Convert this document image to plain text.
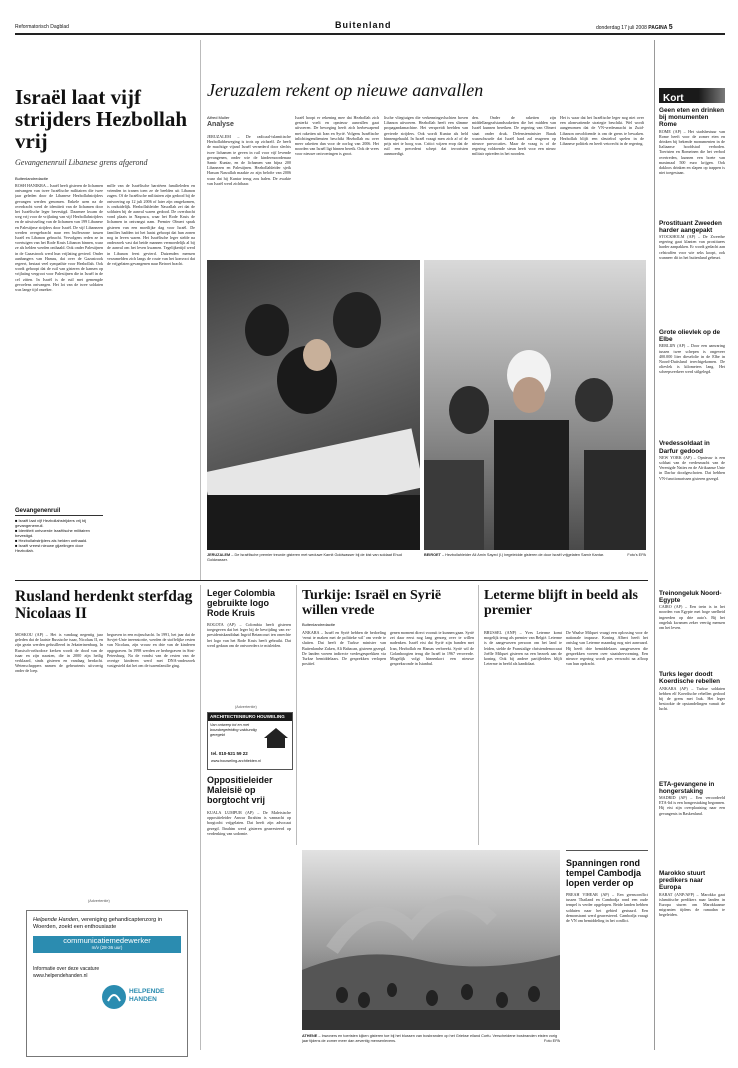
Reformatorisch Dagblad	Buitenland	donderdag 17 juli 2008 PAGINA 5
Israël laat vijf strijders Hezbollah vrij
Gevangenenruil Libanese grens afgerond
Buitenlandredactie
ROSH HANIKRA – Israël heeft gisteren de lichamen ontvangen van twee Israëlische militairen die twee jaar geleden door de Libanese Hezbollahstrijders gevangen werden genomen. Enkele uren na de overdracht werd de identiteit van de lichamen door het Israëlische leger bevestigd. Daarmee kwam de weg vrij voor de vrijlating van vijf Hezbollahstrijders en de uitwisseling van de lichamen van 199 Libanese en Palestijnse strijders door Israël. De vijf Libanezen werden overgebracht naar een bufferzone tussen Israël en Libanon gebracht. Vervolgens reden ze in voertuigen van het Rode Kruis Libanon binnen, waar ze als helden werden onthaald. Ook onder Palestijnen in de Gazastrook werd hun vrijlating gevierd. Onder aanhangers van Hamas, dat over de Gazastrook regeert, bestaat veel sympathie voor Hezbollah. Ook wordt gehoopt dat de ruil van gisteren de kansen op vrijlating vergroot voor Palestijnen die in Israël in de cel zitten. In Israël is de ruil met gemengde gevoelens ontvangen. Het lot van de twee soldaten was lange tijd onzeker.
mille van de Israëlische barrièren familieleden en vrienden in tranen toen ze de beelden uit Libanon zagen. Of de Israëlische militairen zijn gedood bij de ontvoering op 12 juli 2006 of later zijn omgekomen, is onduidelijk. Hezbollahleider Nasrallah zei dat de soldaten bij de aanval waren gedood. De overdracht vond plaats in Naqoura, waar het Rode Kruis de lichamen in ontvangst nam. Premier Olmert sprak gisteren van een moeilijke dag voor Israël. De families hadden tot het laatst gehoopt dat hun zonen nog in leven waren. Het Israëlische leger stelde na onderzoek vast dat beide mannen vermoedelijk al bij de aanval om het leven kwamen. Tegelijkertijd werd in Libanon feest gevierd. Duizenden mensen verzamelden zich langs de route van het konvooi dat de vrijgelaten gevangenen naar Beiroet bracht.
Gevangenenruil
■ Israël laat vijf Hezbollahstrijders vrij bij gevangenenruil.
■ Identiteit ontvoerde Israëlische militairen bevestigd.
■ Hezbollahstrijders als helden onthaald.
■ Israël vreest nieuwe gijzelingen door Hezbollah.
Jeruzalem rekent op nieuwe aanvallen
Alfred Muller
Analyse
JERUZALEM – De radicaal-islamitische Hezbollahbeweging is trots op zichzelf. Ze heeft de machtige vijand Israël vernederd door slechts twee lichamen te geven in ruil voor vijf levende gevangenen, onder wie de kindermoordenaar Samir Kuntar, en de lichamen van bijna 200 Libanezen en Palestijnen. Hezbollahleider sjeik Hassan Nasrallah maakte zo zijn belofte van 2006 waar dat hij Kuntar terug zou halen. De zwakte van Israël werd zichtbaar.
Israël hoopt er rekening mee dat Hezbollah zich gesterkt voelt en opnieuw aanvallen gaat uitvoeren. De beweging heeft zich herbewapend met raketten uit Iran en Syrië. Volgens Israëlische inlichtingendiensten beschikt Hezbollah nu over meer raketten dan voor de oorlog van 2006. Het noorden van Israël ligt binnen bereik. Ook de vrees voor nieuwe ontvoeringen is groot.
lische vliegtuigen die verkenningsvluchten boven Libanon uitvoeren. Hezbollah heeft een slimme propagandamachine. Het verspreidt beelden van gevierde strijders. Ook wordt Kuntar als held binnengehaald. In Israël vraagt men zich af of de prijs niet te hoog was. Critici wijzen erop dat de ruil een precedent schept dat terroristen aanmoedigt.
den. Onder de raketten zijn middellangeafstandsraketten die het midden van Israël kunnen bereiken. De regering van Olmert staat onder druk. Defensieminister Barak waarschuwde dat Israël hard zal reageren op nieuwe provocaties. Maar de vraag is of de regering voldoende steun heeft voor een nieuw militair optreden in het noorden.
Het is waar dat het Israëlische leger nog niet over een alomvattende strategie beschikt. Wel wordt aangenomen dat de VN-vredesmacht in Zuid-Libanon onvoldoende is om de grens te bewaken. Hezbollah blijft een sleutelrol spelen in de Libanese politiek en heeft vetorecht in de regering.
JERUZALEM – De Israëlische premier treurde gisteren met weduwe Karnit Goldwasser bij de kist van soldaat Ehud Goldwasser.
BEIROET – Hezbollahleider Ali Amin Sayed (l.) begeleidde gisteren de door Israël vrijgelaten Samir Kantar.	Foto's EPA
Kort
Geen eten en drinken bij monumenten Rome
ROME (AP) – Het stadsbestuur van Rome heeft voor de zomer eten en drinken bij bekende monumenten in de Italiaanse hoofdstad verboden. Toeristen en Romeinen die het verbod overtreden, kunnen een boete van maximaal 500 euro krijgen. Ook dakloos drinken en slapen op trappen is niet toegestaan.
Prostituant Zweeden harder aangepakt
STOCKHOLM (AP) – De Zweedse regering gaat klanten van prostituees harder aanpakken. Er wordt gedacht aan celstraffen voor wie seks koopt, ook wanneer dit in het buitenland gebeurt.
Grote olievlek op de Elbe
BERLIJN (AP) – Door een aanvaring tussen twee schepen is ongeveer 400.000 liter dieselolie in de Elbe in Noord-Duitsland terechtgekomen. De olievlek is kilometers lang. Het scheepsverkeer werd stilgelegd.
Vredessoldaat in Darfur gedood
NEW YORK (AP) – Opnieuw is een soldaat van de vredesmacht van de Verenigde Naties en de Afrikaanse Unie in Darfur doodgeschoten. Dat hebben VN-functionarissen gisteren gezegd.
Treinongeluk Noord-Egypte
CAIRO (AP) – Een trein is in het noorden van Egypte met hoge snelheid ingereden op drie auto's. Bij het ongeluk kwamen zeker veertig mensen om het leven.
Turks leger doodt Koerdische rebellen
ANKARA (AP) – Turkse soldaten hebben elf Koerdische rebellen gedood bij de grens met Irak. Het leger bestookte de opstandelingen vanuit de lucht.
ETA-gevangene in hongerstaking
MADRID (AP) – Een veroordeeld ETA-lid is een hongerstaking begonnen. Hij eist zijn overplaatsing naar een gevangenis in Baskenland.
Marokko stuurt predikers naar Europa
RABAT (ANP/AFP) – Marokko gaat islamitische predikers naar landen in Europa sturen om Marokkaanse migranten tijdens de ramadan te begeleiden.
Rusland herdenkt sterfdag Nicolaas II
MOSKOU (AP) – Het is vandaag negentig jaar geleden dat de laatste Russische tsaar, Nicolaas II, en zijn gezin werden gefusilleerd in Jekaterinenburg. In Russisch-orthodoxe kerken wordt de dood van de tsaar en zijn naasten, die in 2000 zijn heilig verklaard, sinds gisteren en vandaag herdacht. Wetenschappers namen de gebeurtenis uitvoerig onder de loep.
begraven in een mijnschacht. In 1991, het jaar dat de Sovjet-Unie ineenstortte, werden de stoffelijke resten van Nicolaas, zijn vrouw en drie van de kinderen opgegraven. In 1998 werden ze herbegraven in Sint-Petersburg. Na de vondst van de resten van de overige kinderen werd met DNA-onderzoek vastgesteld dat het om de tsarenfamilie ging.
(Advertentie)
Helpende Handen, vereniging gehandicaptenzorg in Woerden, zoekt een enthousiaste
communicatiemedewerker
m/v (28-36 uur)
Informatie over deze vacature
www.helpendehanden.nl
HELPENDE HANDEN
Leger Colombia gebruikte logo Rode Kruis
BOGOTA (AP) – Colombia heeft gisteren toegegeven dat het leger bij de bevrijding van ex-presidentskandidaat Ingrid Betancourt ten onrechte het logo van het Rode Kruis heeft gebruikt. Dat werd gedaan om de ontvoerders te misleiden.
(Advertentie)
ARCHITECTENBURO HOUWELING
Van ontwerp tot en met bouwbegeleiding vakkundig geregeld
tel. 010-521 59 22
www.houweling-architekten.nl
Oppositieleider Maleisië op borgtocht vrij
KUALA LUMPUR (AP) – De Maleisische oppositieleider Anwar Ibrahim is vannacht op borgtocht vrijgelaten. Dat heeft zijn advocaat gezegd. Ibrahim werd gisteren gearresteerd op verdenking van sodomie.
Turkije: Israël en Syrië willen vrede
Buitenlandredactie
ANKARA – Israël en Syrië hebben de bedoeling ‘ernst te maken met de politieke wil’ om vrede te sluiten. Dat heeft de Turkse minister van Buitenlandse Zaken, Ali Babacan, gisteren gezegd. De landen voeren indirecte vredesgesprekken via Turkse bemiddelaars. De gesprekken verlopen positief.
genen moment direct vooruit te kunnen gaan. Syrië zei daar eerst nog lang genoeg over te willen nadenken. Israël eist dat Syrië zijn banden met Iran, Hezbollah en Hamas verbreekt. Syrië wil de Golanhoogten terug die Israël in 1967 veroverde. Mogelijk volgt binnenkort een nieuwe gespreksronde in Istanbul.
Leterme blijft in beeld als premier
BRUSSEL (ANP) – Yves Leterme komt mogelijk terug als premier van België. Leterme is de aangewezen persoon om het land te leiden, stelde de Franstalige christendemocraat Joëlle Milquet gisteren na een bezoek aan de koning. Ook bij andere partijleiders blijft Leterme in beeld als kandidaat.
De Waalse Milquet vraagt een oplossing voor de nationale impasse. Koning Albert heeft het ontslag van Leterme maandag nog niet aanvaard. Hij heeft drie bemiddelaars aangewezen die gesprekken voeren over staatshervorming. Een nieuwe regering wordt pas verwacht na afloop van hun opdracht.
Spanningen rond tempel Cambodja lopen verder op
PREAH VIHEAR (AP) – Een grensconflict tussen Thailand en Cambodja rond een oude tempel is verder opgelopen. Beide landen hebben soldaten naar het gebied gestuurd. Een demonstrant werd gearresteerd. Cambodja vraagt de VN om bemiddeling in het conflict.
ATHENE – Inwoners en toeristen kijken gisteren toe bij het blussen van bosbranden op het Griekse eiland Corfu. Verscheidene bosbranden eisten vorig jaar tijdens de zomer meer dan zeventig mensenlevens.	Foto EPA
